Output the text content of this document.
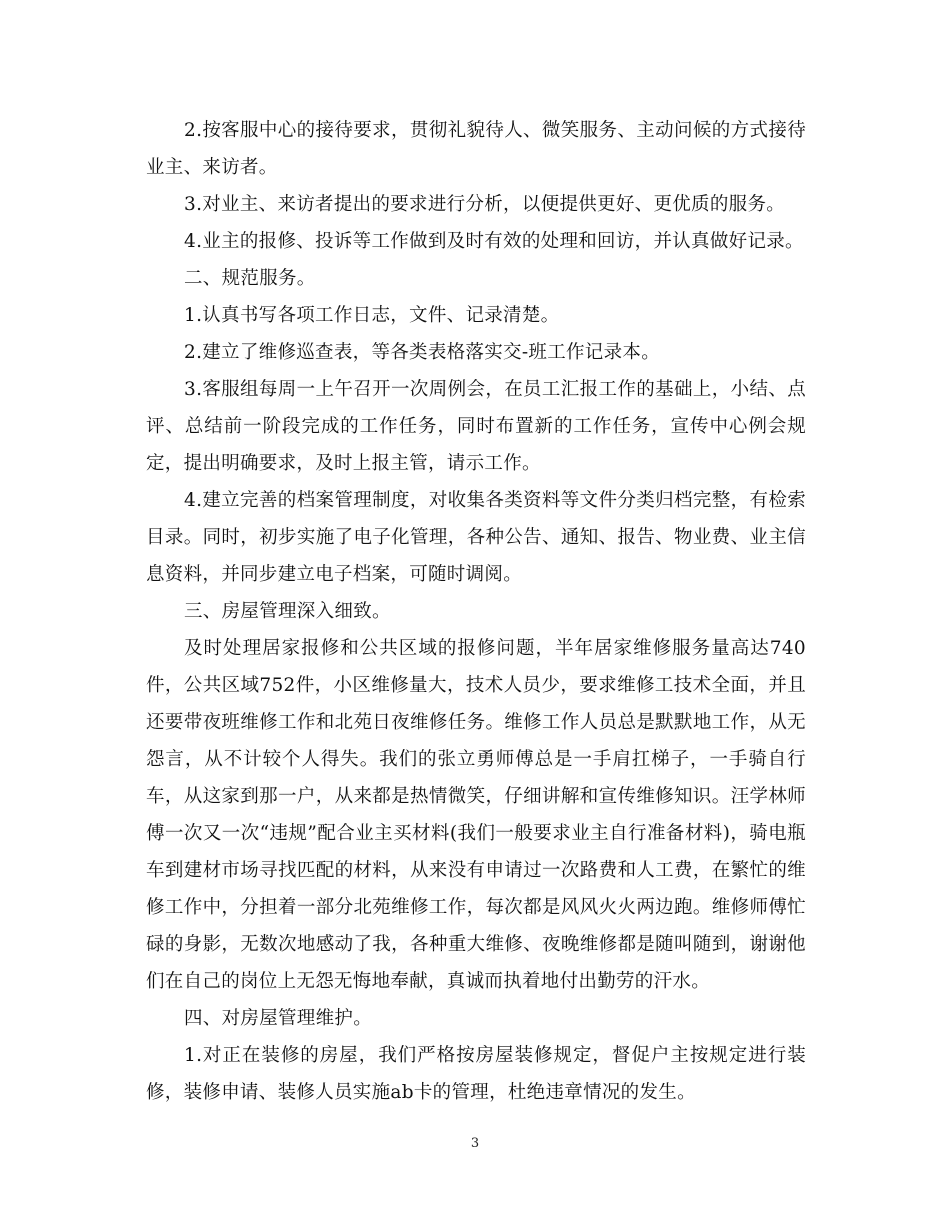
2.按客服中心的接待要求，贯彻礼貌待人、微笑服务、主动问候的方式接待业主、来访者。

3.对业主、来访者提出的要求进行分析，以便提供更好、更优质的服务。

4.业主的报修、投诉等工作做到及时有效的处理和回访，并认真做好记录。

二、规范服务。

1.认真书写各项工作日志，文件、记录清楚。

2.建立了维修巡查表，等各类表格落实交-班工作记录本。

3.客服组每周一上午召开一次周例会，在员工汇报工作的基础上，小结、点评、总结前一阶段完成的工作任务，同时布置新的工作任务，宣传中心例会规定，提出明确要求，及时上报主管，请示工作。

4.建立完善的档案管理制度，对收集各类资料等文件分类归档完整，有检索目录。同时，初步实施了电子化管理，各种公告、通知、报告、物业费、业主信息资料，并同步建立电子档案，可随时调阅。

三、房屋管理深入细致。

及时处理居家报修和公共区域的报修问题，半年居家维修服务量高达740件，公共区域752件，小区维修量大，技术人员少，要求维修工技术全面，并且还要带夜班维修工作和北苑日夜维修任务。维修工作人员总是默默地工作，从无怨言，从不计较个人得失。我们的张立勇师傅总是一手肩扛梯子，一手骑自行车，从这家到那一户，从来都是热情微笑，仔细讲解和宣传维修知识。汪学林师傅一次又一次“违规”配合业主买材料(我们一般要求业主自行准备材料)，骑电瓶车到建材市场寻找匹配的材料，从来没有申请过一次路费和人工费，在繁忙的维修工作中，分担着一部分北苑维修工作，每次都是风风火火两边跑。维修师傅忙碌的身影，无数次地感动了我，各种重大维修、夜晚维修都是随叫随到，谢谢他们在自己的岗位上无怨无悔地奉献，真诚而执着地付出勤劳的汗水。

四、对房屋管理维护。

1.对正在装修的房屋，我们严格按房屋装修规定，督促户主按规定进行装修，装修申请、装修人员实施ab卡的管理，杜绝违章情况的发生。

3
